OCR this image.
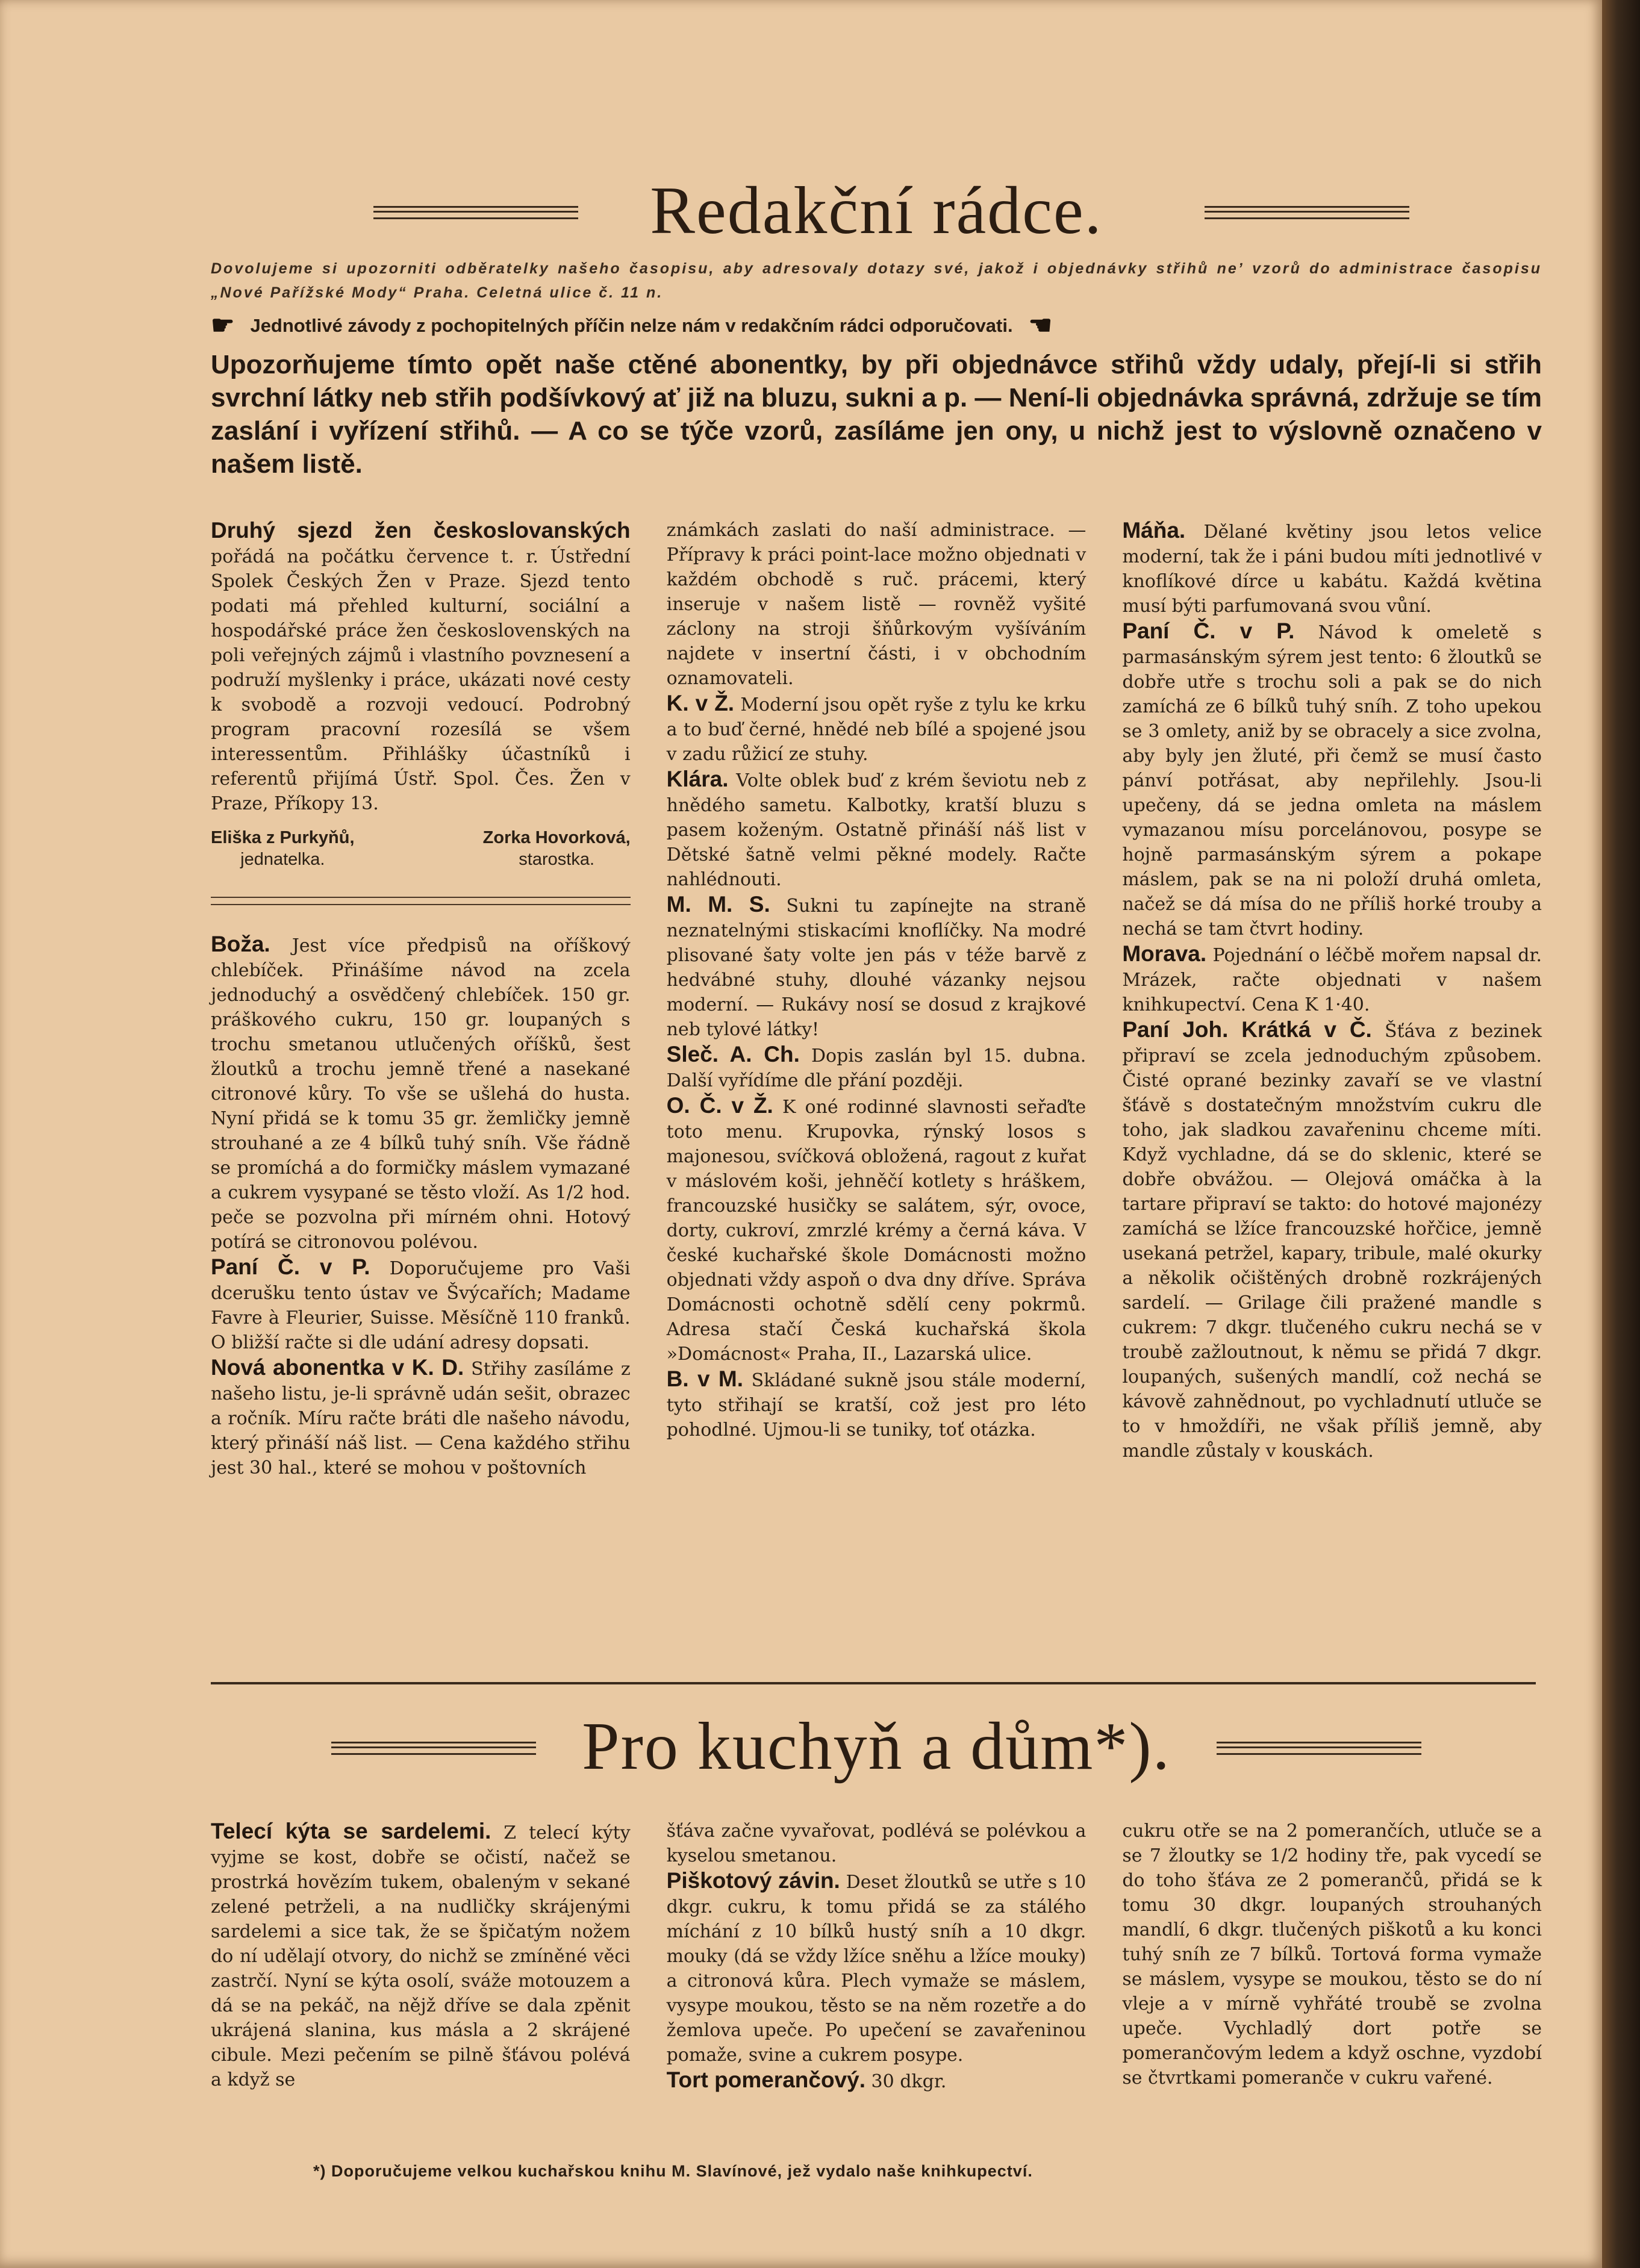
Redakční rádce.
Dovolujeme si upozorniti odběratelky našeho časopisu, aby adresovaly dotazy své, jakož i objednávky střihů neʼ vzorů do administrace časopisu „Nové Pařížské Mody“ Praha. Celetná ulice č. 11 n.
☛ Jednotlivé závody z pochopitelných příčin nelze nám v redakčním rádci odporučovati. ☚
Upozorňujeme tímto opět naše ctěné abonentky, by při objednávce střihů vždy udaly, přejí-li si střih svrchní látky neb střih podšívkový ať již na bluzu, sukni a p. — Není-li objednávka správná, zdržuje se tím zaslání i vyřízení střihů. — A co se týče vzorů, zasíláme jen ony, u nichž jest to výslovně označeno v našem listě.

Druhý sjezd žen českoslovanských pořádá na počátku července t. r. Ústřední Spolek Českých Žen v Praze. Sjezd tento podati má přehled kulturní, sociální a hospodářské práce žen československých na poli veřejných zájmů i vlastního povznesení a podruží myšlenky i práce, ukázati nové cesty k svobodě a rozvoji vedoucí. Podrobný program pracovní rozesílá se všem interessentům. Přihlášky účastníků i referentů přijímá Ústř. Spol. Čes. Žen v Praze, Příkopy 13.

Eliška z Purkyňů,
jednatelka.
Zorka Hovorková,
starostka.

Boža. Jest více předpisů na oříškový chlebíček. Přinášíme návod na zcela jednoduchý a osvědčený chlebíček. 150 gr. práškového cukru, 150 gr. loupaných s trochu smetanou utlučených oříšků, šest žloutků a trochu jemně třené a nasekané citronové kůry. To vše se ušlehá do husta. Nyní přidá se k tomu 35 gr. žemličky jemně strouhané a ze 4 bílků tuhý sníh. Vše řádně se promíchá a do formičky máslem vymazané a cukrem vysypané se těsto vloží. As 1/2 hod. peče se pozvolna při mírném ohni. Hotový potírá se citronovou polévou.

Paní Č. v P. Doporučujeme pro Vaši dcerušku tento ústav ve Švýcařích; Madame Favre à Fleurier, Suisse. Měsíčně 110 franků. O bližší račte si dle udání adresy dopsati.

Nová abonentka v K. D. Střihy zasíláme z našeho listu, je-li správně udán sešit, obrazec a ročník. Míru račte bráti dle našeho návodu, který přináší náš list. — Cena každého střihu jest 30 hal., které se mohou v poštovních

známkách zaslati do naší administrace. — Přípravy k práci point-lace možno objednati v každém obchodě s ruč. prácemi, který inseruje v našem listě — rovněž vyšité záclony na stroji šňůrkovým vyšíváním najdete v insertní části, i v obchodním oznamovateli.

K. v Ž. Moderní jsou opět ryše z tylu ke krku a to buď černé, hnědé neb bílé a spojené jsou v zadu růžicí ze stuhy.

Klára. Volte oblek buď z krém ševiotu neb z hnědého sametu. Kalbotky, kratší bluzu s pasem koženým. Ostatně přináší náš list v Dětské šatně velmi pěkné modely. Račte nahlédnouti.

M. M. S. Sukni tu zapínejte na straně neznatelnými stiskacími knoflíčky. Na modré plisované šaty volte jen pás v téže barvě z hedvábné stuhy, dlouhé vázanky nejsou moderní. — Rukávy nosí se dosud z krajkové neb tylové látky!

Sleč. A. Ch. Dopis zaslán byl 15. dubna. Další vyřídíme dle přání později.

O. Č. v Ž. K oné rodinné slavnosti seřaďte toto menu. Krupovka, rýnský losos s majonesou, svíčková obložená, ragout z kuřat v máslovém koši, jehněčí kotlety s hráškem, francouzské husičky se salátem, sýr, ovoce, dorty, cukroví, zmrzlé krémy a černá káva. V české kuchařské škole Domácnosti možno objednati vždy aspoň o dva dny dříve. Správa Domácnosti ochotně sdělí ceny pokrmů. Adresa stačí Česká kuchařská škola »Domácnost« Praha, II., Lazarská ulice.

B. v M. Skládané sukně jsou stále moderní, tyto střihají se kratší, což jest pro léto pohodlné. Ujmou-li se tuniky, toť otázka.

Máňa. Dělané květiny jsou letos velice moderní, tak že i páni budou míti jednotlivé v knoflíkové dírce u kabátu. Každá květina musí býti parfumovaná svou vůní.

Paní Č. v P. Návod k omeletě s parmasánským sýrem jest tento: 6 žloutků se dobře utře s trochu soli a pak se do nich zamíchá ze 6 bílků tuhý sníh. Z toho upekou se 3 omlety, aniž by se obracely a sice zvolna, aby byly jen žluté, při čemž se musí často pánví potřásat, aby nepřilehly. Jsou-li upečeny, dá se jedna omleta na máslem vymazanou mísu porcelánovou, posype se hojně parmasánským sýrem a pokape máslem, pak se na ni položí druhá omleta, načež se dá mísa do ne příliš horké trouby a nechá se tam čtvrt hodiny.

Morava. Pojednání o léčbě mořem napsal dr. Mrázek, račte objednati v našem knihkupectví. Cena K 1·40.

Paní Joh. Krátká v Č. Šťáva z bezinek připraví se zcela jednoduchým způsobem. Čisté oprané bezinky zavaří se ve vlastní šťávě s dostatečným množstvím cukru dle toho, jak sladkou zavařeninu chceme míti. Když vychladne, dá se do sklenic, které se dobře obvážou. — Olejová omáčka à la tartare připraví se takto: do hotové majonézy zamíchá se lžíce francouzské hořčice, jemně usekaná petržel, kapary, tribule, malé okurky a několik očištěných drobně rozkrájených sardelí. — Grilage čili pražené mandle s cukrem: 7 dkgr. tlučeného cukru nechá se v troubě zažloutnout, k němu se přidá 7 dkgr. loupaných, sušených mandlí, což nechá se kávově zahnědnout, po vychladnutí utluče se to v hmoždíři, ne však příliš jemně, aby mandle zůstaly v kouskách.

Pro kuchyň a dům*).

Telecí kýta se sardelemi. Z telecí kýty vyjme se kost, dobře se očistí, načež se prostrká hovězím tukem, obaleným v sekané zelené petrželi, a na nudličky skrájenými sardelemi a sice tak, že se špičatým nožem do ní udělají otvory, do nichž se zmíněné věci zastrčí. Nyní se kýta osolí, sváže motouzem a dá se na pekáč, na nějž dříve se dala zpěnit ukrájená slanina, kus másla a 2 skrájené cibule. Mezi pečením se pilně šťávou polévá a když se

šťáva začne vyvařovat, podlévá se polévkou a kyselou smetanou.

Piškotový závin. Deset žloutků se utře s 10 dkgr. cukru, k tomu přidá se za stálého míchání z 10 bílků hustý sníh a 10 dkgr. mouky (dá se vždy lžíce sněhu a lžíce mouky) a citronová kůra. Plech vymaže se máslem, vysype moukou, těsto se na něm rozetře a do žemlova upeče. Po upečení se zavařeninou pomaže, svine a cukrem posype.

Tort pomerančový. 30 dkgr.

cukru otře se na 2 pomerančích, utluče se a se 7 žloutky se 1/2 hodiny tře, pak vycedí se do toho šťáva ze 2 pomerančů, přidá se k tomu 30 dkgr. loupaných strouhaných mandlí, 6 dkgr. tlučených piškotů a ku konci tuhý sníh ze 7 bílků. Tortová forma vymaže se máslem, vysype se moukou, těsto se do ní vleje a v mírně vyhřáté troubě se zvolna upeče. Vychladlý dort potře se pomerančovým ledem a když oschne, vyzdobí se čtvrtkami pomeranče v cukru vařené.

*) Doporučujeme velkou kuchařskou knihu M. Slavínové, jež vydalo naše knihkupectví.
